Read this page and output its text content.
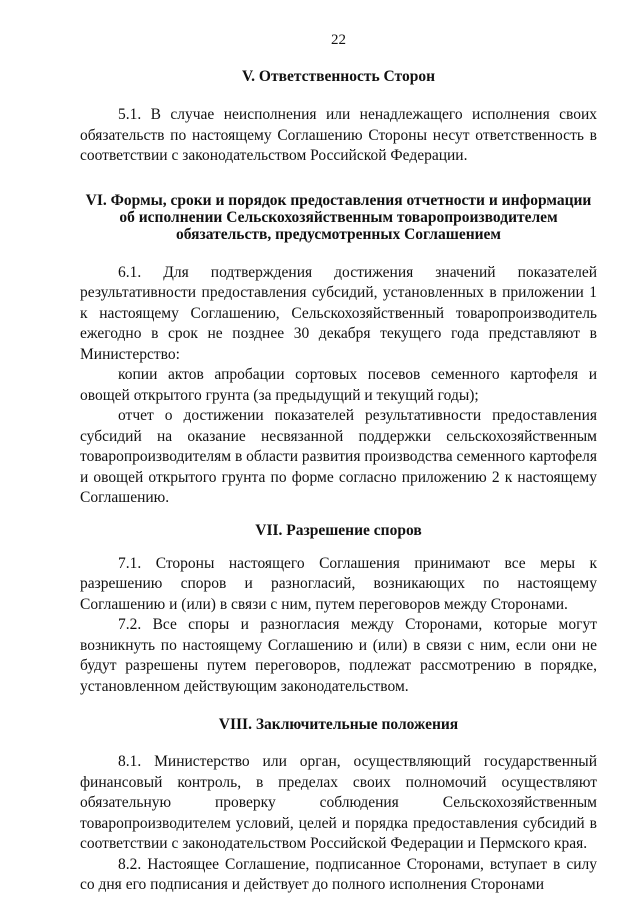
22
V. Ответственность Сторон

5.1. В случае неисполнения или ненадлежащего исполнения своих обязательств по настоящему Соглашению Стороны несут ответственность в соответствии с законодательством Российской Федерации.

VI. Формы, сроки и порядок предоставления отчетности и информации
об исполнении Сельскохозяйственным товаропроизводителем
обязательств, предусмотренных Соглашением

6.1. Для подтверждения достижения значений показателей результативности предоставления субсидий, установленных в приложении 1 к настоящему Соглашению, Сельскохозяйственный товаропроизводитель ежегодно в срок не позднее 30 декабря текущего года представляют в Министерство:

копии актов апробации сортовых посевов семенного картофеля и овощей открытого грунта (за предыдущий и текущий годы);

отчет о достижении показателей результативности предоставления субсидий на оказание несвязанной поддержки сельскохозяйственным товаропроизводителям в области развития производства семенного картофеля и овощей открытого грунта по форме согласно приложению 2 к настоящему Соглашению.

VII. Разрешение споров

7.1. Стороны настоящего Соглашения принимают все меры к разрешению споров и разногласий, возникающих по настоящему Соглашению и (или) в связи с ним, путем переговоров между Сторонами.

7.2. Все споры и разногласия между Сторонами, которые могут возникнуть по настоящему Соглашению и (или) в связи с ним, если они не будут разрешены путем переговоров, подлежат рассмотрению в порядке, установленном действующим законодательством.

VIII. Заключительные положения

8.1. Министерство или орган, осуществляющий государственный финансовый контроль, в пределах своих полномочий осуществляют обязательную проверку соблюдения Сельскохозяйственным товаропроизводителем условий, целей и порядка предоставления субсидий в соответствии с законодательством Российской Федерации и Пермского края.

8.2. Настоящее Соглашение, подписанное Сторонами, вступает в силу со дня его подписания и действует до полного исполнения Сторонами
